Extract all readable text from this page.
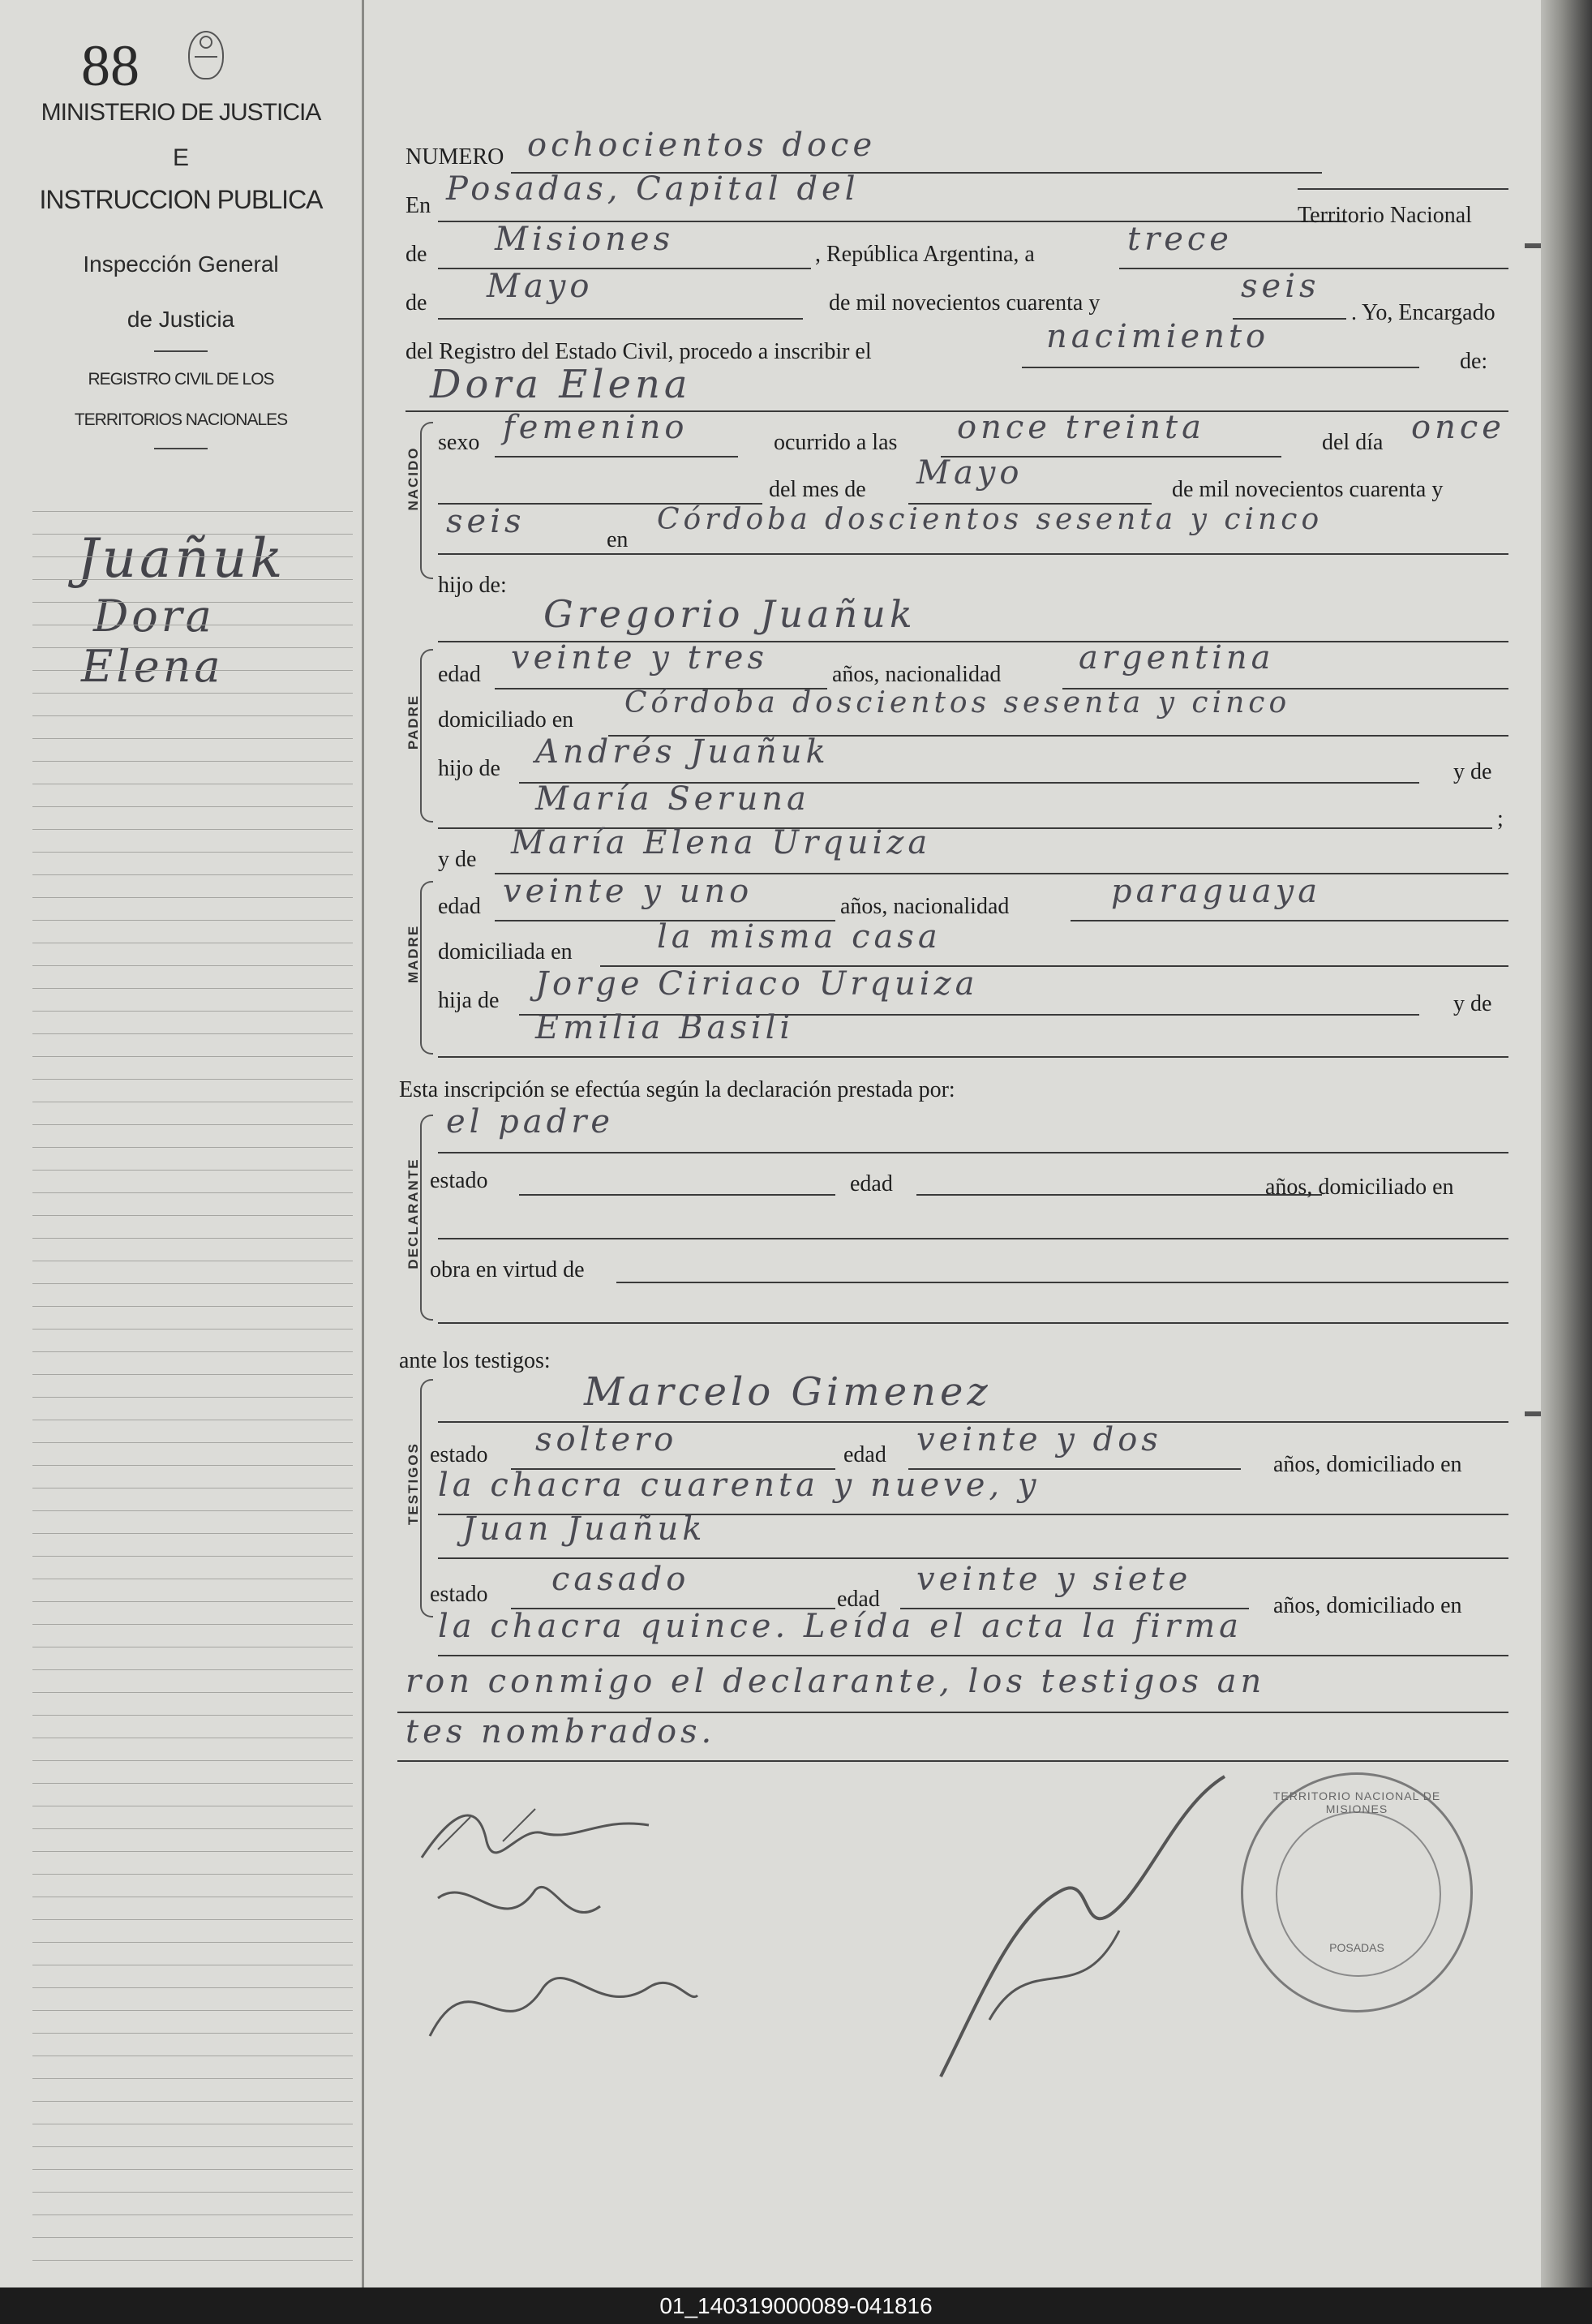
88
MINISTERIO DE JUSTICIA
E
INSTRUCCION PUBLICA
Inspección General
de Justicia
REGISTRO CIVIL DE LOS
TERRITORIOS NACIONALES
Juañuk
Dora
Elena
NUMERO ochocientos doce
En Posadas, Capital del
Territorio Nacional
de Misiones	, República Argentina, a	trece
de Mayo	de mil novecientos cuarenta y	seis
. Yo, Encargado
del Registro del Estado Civil, procedo a inscribir el	nacimiento
de:
Dora Elena
NACIDO
sexo femenino	ocurrido a las once treinta	del día once
del mes de Mayo	de mil novecientos cuarenta y
seis	en
Córdoba doscientos sesenta y cinco
hijo de:
Gregorio Juañuk
PADRE
edad veinte y tres	años, nacionalidad argentina
domiciliado en
Córdoba doscientos sesenta y cinco
hijo de Andrés Juañuk
y de
María Seruna
;
y de María Elena Urquiza
MADRE
edad veinte y uno	años, nacionalidad	paraguaya
domiciliada en	la misma casa
hija de Jorge Ciriaco Urquiza
y de
Emilia Basili
Esta inscripción se efectúa según la declaración prestada por:
el padre
DECLARANTE estado	edad	años, domiciliado en
obra en virtud de
ante los testigos:
TESTIGOS
Marcelo Gimenez
estado soltero	edad veinte y dos
años, domiciliado en
la chacra cuarenta y nueve, y
Juan Juañuk
estado casado
edad
veinte y siete
años, domiciliado en
la chacra quince. Leída el acta la firma
ron conmigo el declarante, los testigos an
tes nombrados.
TERRITORIO NACIONAL DE MISIONES
POSADAS
01_140319000089-041816
